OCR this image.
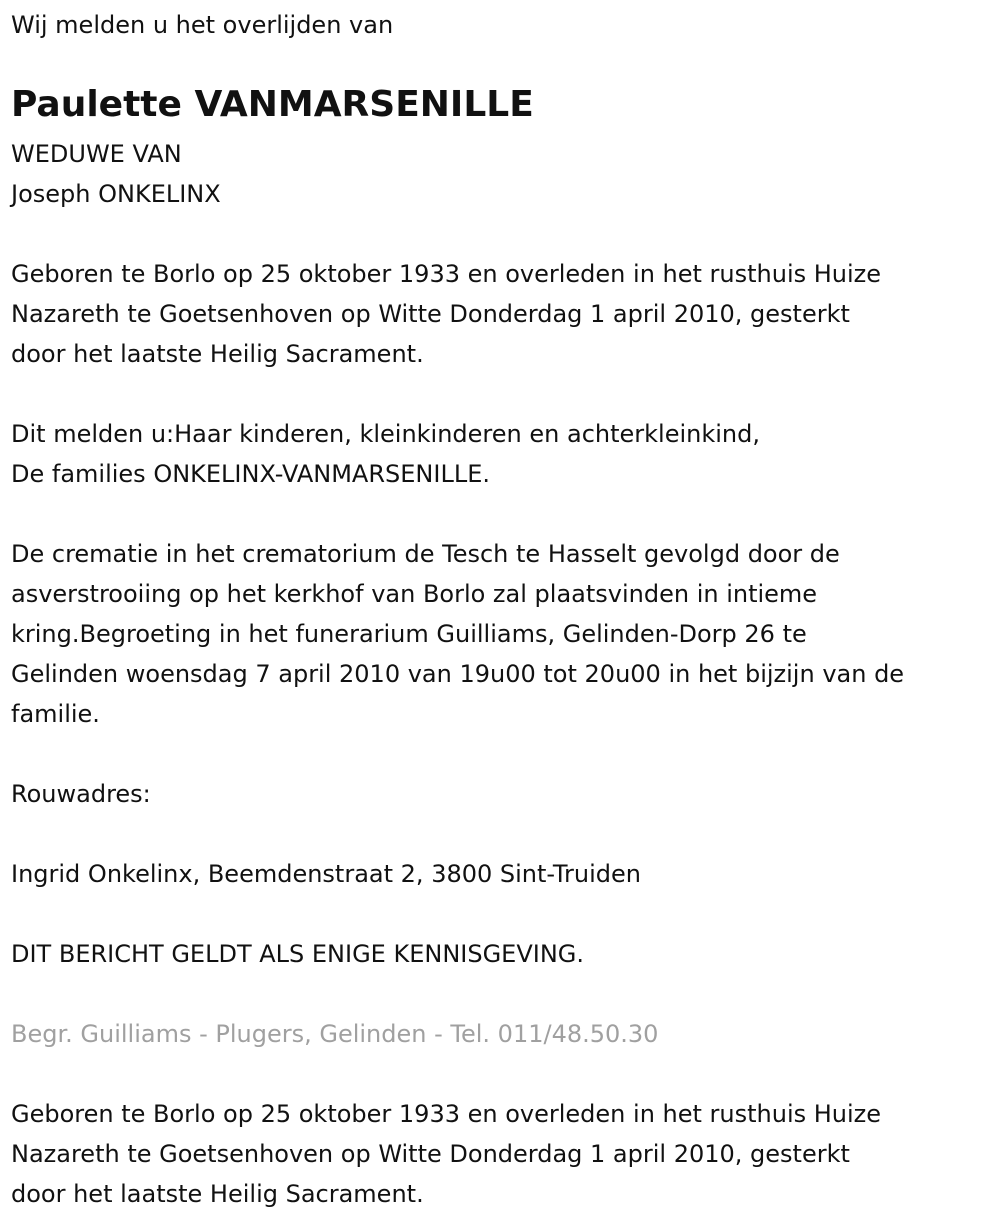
Wij melden u het overlijden van

Paulette VANMARSENILLE

WEDUWE VAN

Joseph ONKELINX

Geboren te Borlo op 25 oktober 1933 en overleden in het rusthuis Huize
Nazareth te Goetsenhoven op Witte Donderdag 1 april 2010, gesterkt
door het laatste Heilig Sacrament.
Dit melden u:Haar kinderen, kleinkinderen en achterkleinkind,
De families ONKELINX-VANMARSENILLE.
De crematie in het crematorium de Tesch te Hasselt gevolgd door de
asverstrooiing op het kerkhof van Borlo zal plaatsvinden in intieme
kring.Begroeting in het funerarium Guilliams, Gelinden-Dorp 26 te
Gelinden woensdag 7 april 2010 van 19u00 tot 20u00 in het bijzijn van de
familie.

Rouwadres:

Ingrid Onkelinx, Beemdenstraat 2, 3800 Sint-Truiden

DIT BERICHT GELDT ALS ENIGE KENNISGEVING.

Begr. Guilliams - Plugers, Gelinden - Tel. 011/48.50.30

Geboren te Borlo op 25 oktober 1933 en overleden in het rusthuis Huize
Nazareth te Goetsenhoven op Witte Donderdag 1 april 2010, gesterkt
door het laatste Heilig Sacrament.
